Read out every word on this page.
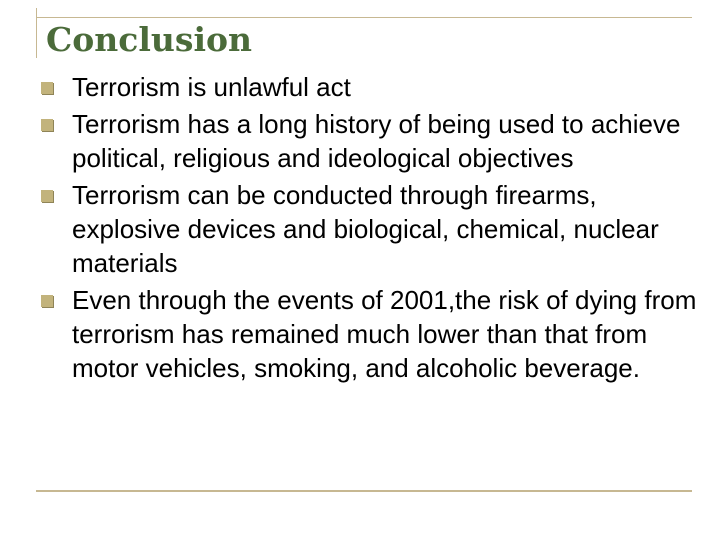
Conclusion
Terrorism is unlawful act
Terrorism has a long history of being used to achieve political, religious and ideological objectives
Terrorism can be conducted through firearms, explosive devices and biological, chemical, nuclear materials
Even through the events of 2001,the risk of dying from terrorism has remained much lower than that from motor vehicles, smoking, and alcoholic beverage.
